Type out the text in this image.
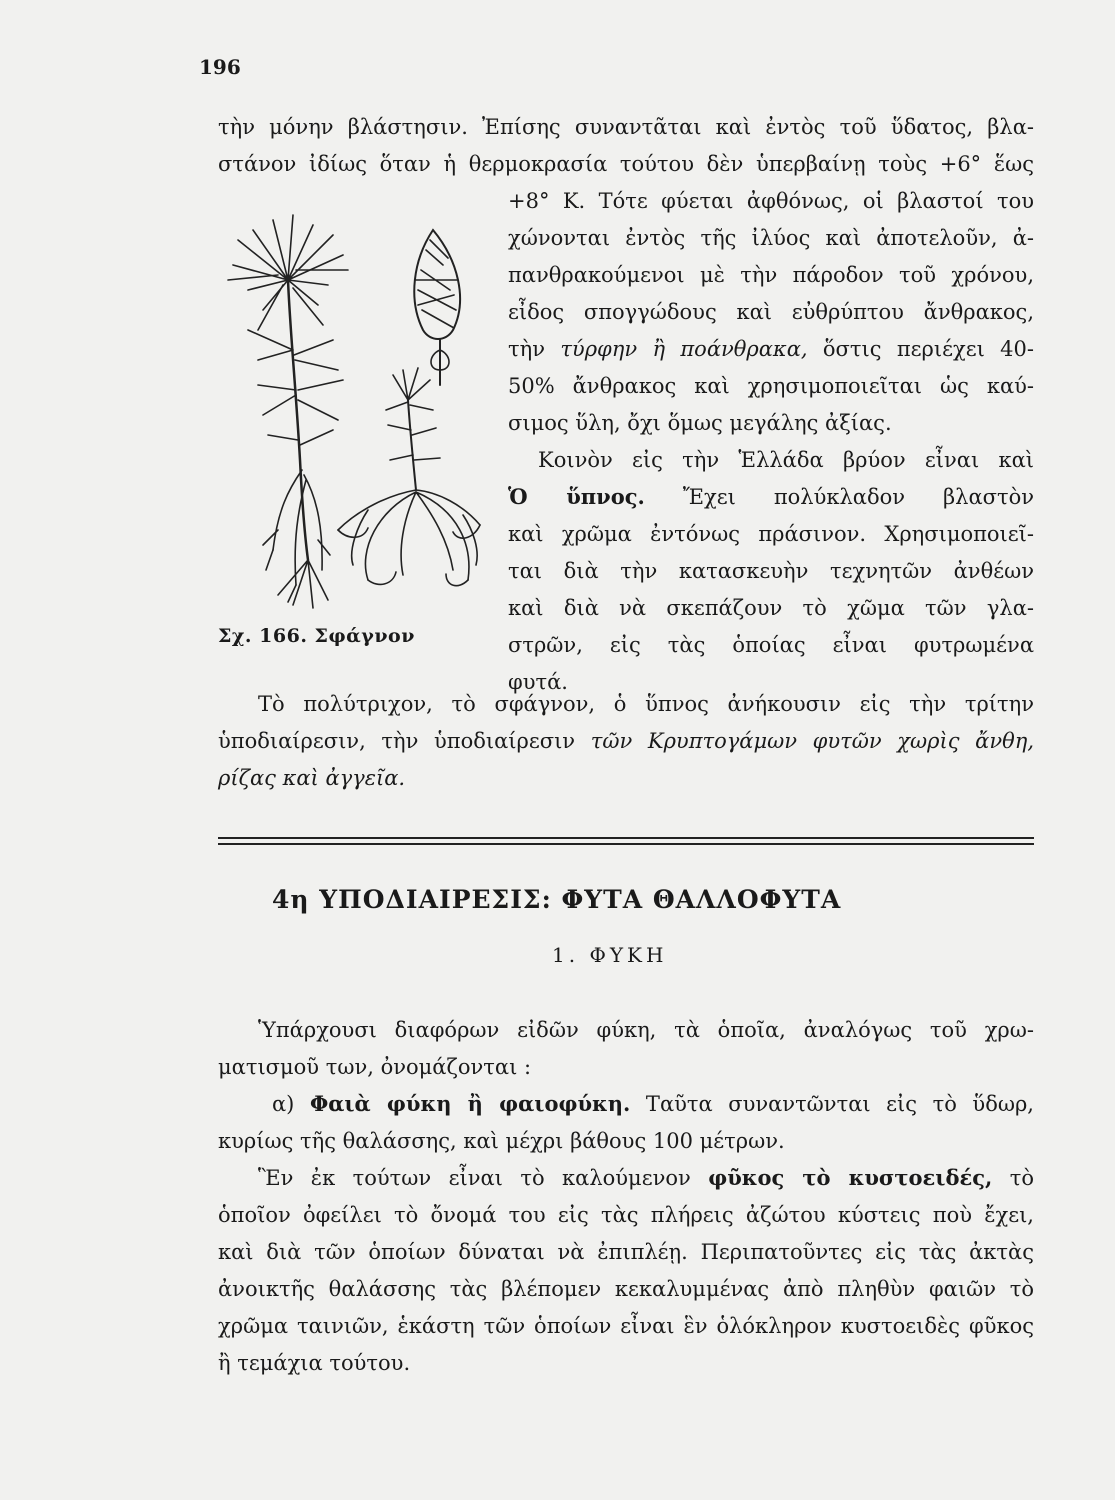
196
τὴν μόνην βλάστησιν. Ἐπίσης συναντᾶται καὶ ἐντὸς τοῦ ὕδατος, βλα-
στάνον ἰδίως ὅταν ἡ θερμοκρασία τούτου δὲν ὑπερβαίνῃ τοὺς +6° ἕως
+8° Κ. Τότε φύεται ἀφθόνως, οἱ βλαστοί του
χώνονται ἐντὸς τῆς ἰλύος καὶ ἀποτελοῦν, ἀ-
πανθρακούμενοι μὲ τὴν πάροδον τοῦ χρόνου,
εἶδος σπογγώδους καὶ εὐθρύπτου ἄνθρακος,
τὴν τύρφην ἢ ποάνθρακα, ὅστις περιέχει 40-
50% ἄνθρακος καὶ χρησιμοποιεῖται ὡς καύ-
σιμος ὕλη, ὄχι ὅμως μεγάλης ἀξίας.
Κοινὸν εἰς τὴν Ἑλλάδα βρύον εἶναι καὶ
Ὁ ὕπνος. Ἔχει πολύκλαδον βλαστὸν
καὶ χρῶμα ἐντόνως πράσινον. Χρησιμοποιεῖ-
ται διὰ τὴν κατασκευὴν τεχνητῶν ἀνθέων
καὶ διὰ νὰ σκεπάζουν τὸ χῶμα τῶν γλα-
στρῶν, εἰς τὰς ὁποίας εἶναι φυτρωμένα
φυτά.
Σχ. 166. Σφάγνον
Τὸ πολύτριχον, τὸ σφάγνον, ὁ ὕπνος ἀνήκουσιν εἰς τὴν τρίτην
ὑποδιαίρεσιν, τὴν ὑποδιαίρεσιν τῶν Κρυπτογάμων φυτῶν χωρὶς ἄνθη,
ρίζας καὶ ἀγγεῖα.
4η ΥΠΟΔΙΑΙΡΕΣΙΣ: ΦΥΤΑ ΘΑΛΛΟΦΥΤΑ
1. ΦΥΚΗ
Ὑπάρχουσι διαφόρων εἰδῶν φύκη, τὰ ὁποῖα, ἀναλόγως τοῦ χρω-
ματισμοῦ των, ὀνομάζονται :
α) Φαιὰ φύκη ἢ φαιοφύκη. Ταῦτα συναντῶνται εἰς τὸ ὕδωρ,
κυρίως τῆς θαλάσσης, καὶ μέχρι βάθους 100 μέτρων.
Ἓν ἐκ τούτων εἶναι τὸ καλούμενον φῦκος τὸ κυστοειδές, τὸ
ὁποῖον ὀφείλει τὸ ὄνομά του εἰς τὰς πλήρεις ἀζώτου κύστεις ποὺ ἔχει,
καὶ διὰ τῶν ὁποίων δύναται νὰ ἐπιπλέῃ. Περιπατοῦντες εἰς τὰς ἀκτὰς
ἀνοικτῆς θαλάσσης τὰς βλέπομεν κεκαλυμμένας ἀπὸ πληθὺν φαιῶν τὸ
χρῶμα ταινιῶν, ἑκάστη τῶν ὁποίων εἶναι ἓν ὁλόκληρον κυστοειδὲς φῦκος
ἢ τεμάχια τούτου.
